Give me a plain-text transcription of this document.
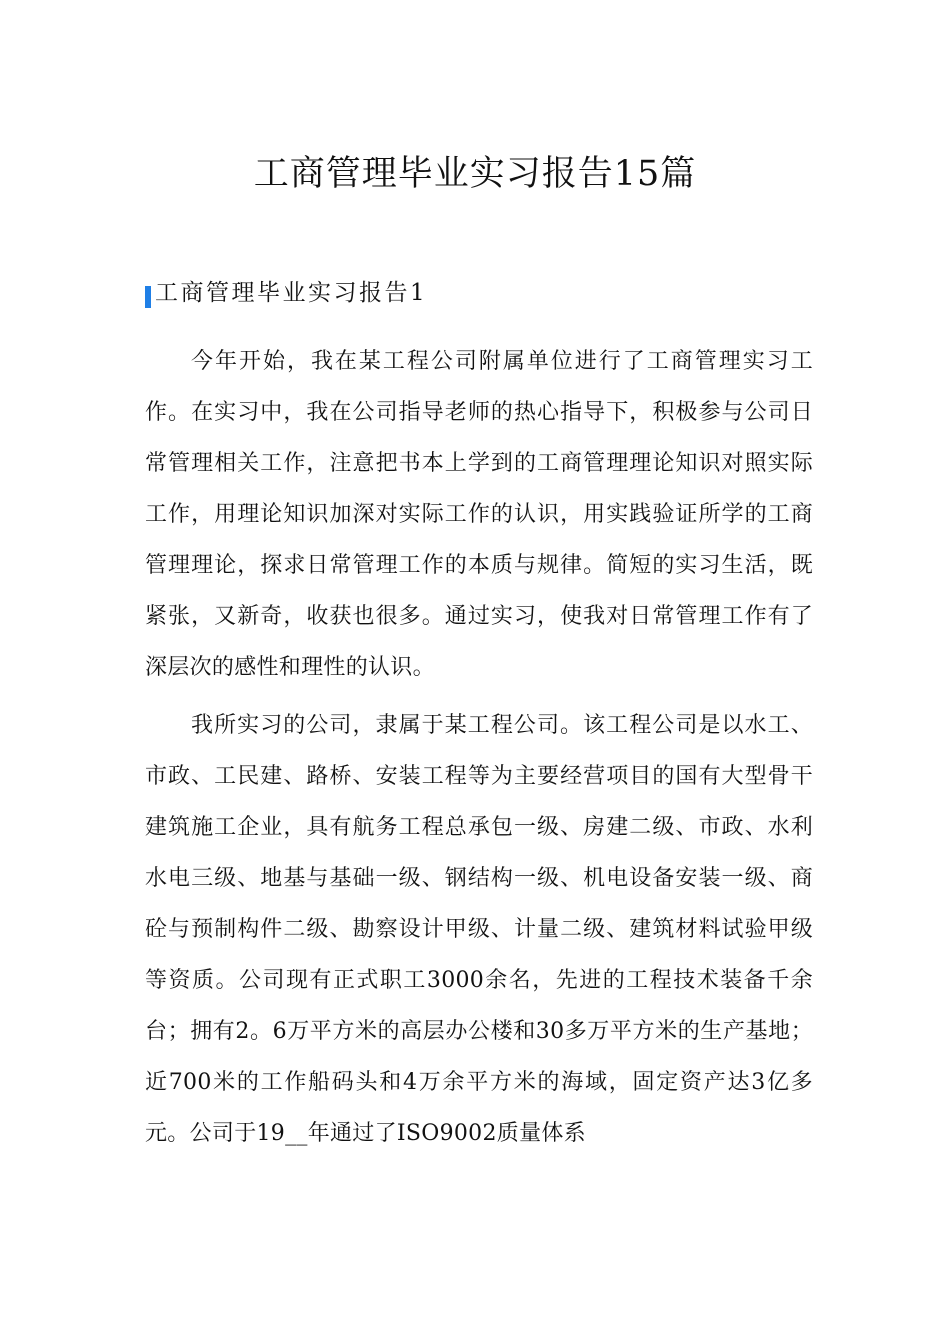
工商管理毕业实习报告15篇
工商管理毕业实习报告1

今年开始，我在某工程公司附属单位进行了工商管理实习工作。在实习中，我在公司指导老师的热心指导下，积极参与公司日常管理相关工作，注意把书本上学到的工商管理理论知识对照实际工作，用理论知识加深对实际工作的认识，用实践验证所学的工商管理理论，探求日常管理工作的本质与规律。简短的实习生活，既紧张，又新奇，收获也很多。通过实习，使我对日常管理工作有了深层次的感性和理性的认识。

我所实习的公司，隶属于某工程公司。该工程公司是以水工、市政、工民建、路桥、安装工程等为主要经营项目的国有大型骨干建筑施工企业，具有航务工程总承包一级、房建二级、市政、水利水电三级、地基与基础一级、钢结构一级、机电设备安装一级、商砼与预制构件二级、勘察设计甲级、计量二级、建筑材料试验甲级等资质。公司现有正式职工3000余名，先进的工程技术装备千余台；拥有2。6万平方米的高层办公楼和30多万平方米的生产基地；近700米的工作船码头和4万余平方米的海域，固定资产达3亿多元。公司于19__年通过了ISO9002质量体系
